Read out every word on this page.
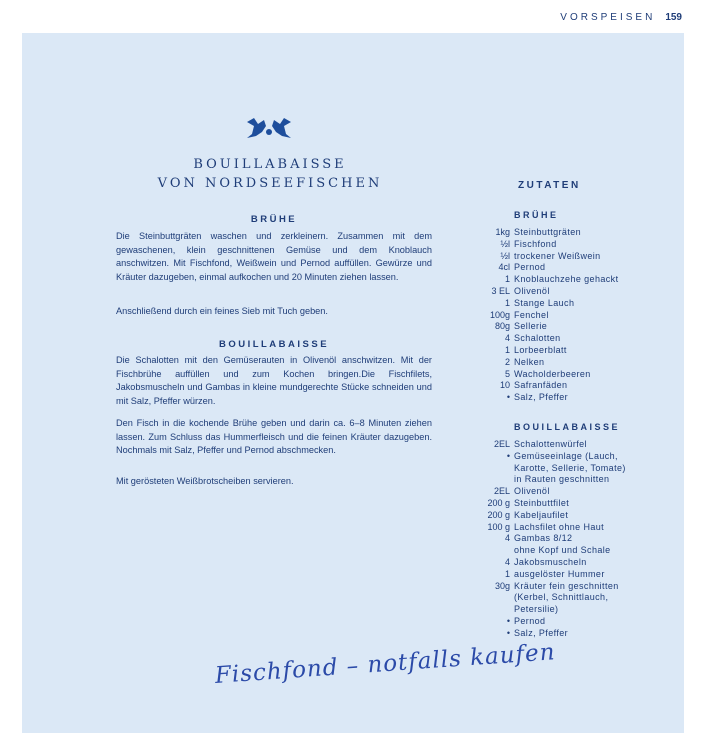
VORSPEISEN 159
BOUILLABAISSE
VON NORDSEEFISCHEN
BRÜHE

Die Steinbuttgräten waschen und zerkleinern. Zusammen mit dem gewaschenen, klein geschnittenen Gemüse und dem Knoblauch anschwitzen. Mit Fischfond, Weißwein und Pernod auffüllen. Gewürze und Kräuter dazugeben, einmal aufkochen und 20 Minuten ziehen lassen.

Anschließend durch ein feines Sieb mit Tuch geben.

BOUILLABAISSE

Die Schalotten mit den Gemüserauten in Olivenöl anschwitzen. Mit der Fischbrühe auffüllen und zum Kochen bringen.Die Fischfilets, Jakobsmuscheln und Gambas in kleine mundgerechte Stücke schneiden und mit Salz, Pfeffer würzen.

Den Fisch in die kochende Brühe geben und darin ca. 6–8 Minuten ziehen lassen. Zum Schluss das Hummerfleisch und die feinen Kräuter dazugeben. Nochmals mit Salz, Pfeffer und Pernod abschmecken.

Mit gerösteten Weißbrotscheiben servieren.

ZUTATEN
BRÜHE
1kg Steinbuttgräten
½l Fischfond
½l trockener Weißwein
4cl Pernod
1 Knoblauchzehe gehackt
3 EL Olivenöl
1 Stange Lauch
100g Fenchel
80g Sellerie
4 Schalotten
1 Lorbeerblatt
2 Nelken
5 Wacholderbeeren
10 Safranfäden
• Salz, Pfeffer
BOUILLABAISSE
2EL Schalottenwürfel
• Gemüseeinlage (Lauch,
Karotte, Sellerie, Tomate)
in Rauten geschnitten
2EL Olivenöl
200 g Steinbuttfilet
200 g Kabeljaufilet
100 g Lachsfilet ohne Haut
4 Gambas 8/12
ohne Kopf und Schale
4 Jakobsmuscheln
1 ausgelöster Hummer
30g Kräuter fein geschnitten
(Kerbel, Schnittlauch,
Petersilie)
• Pernod
• Salz, Pfeffer
Fischfond – notfalls kaufen
